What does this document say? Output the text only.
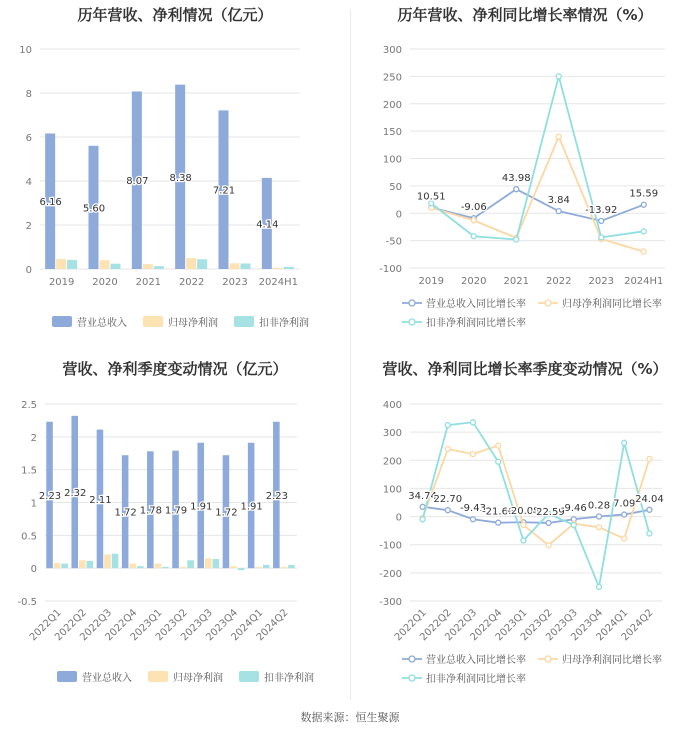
历年营收、净利情况（亿元）	历年营收、净利同比增长率情况（%）
营收、净利季度变动情况（亿元）	营收、净利同比增长率季度变动情况（%）
0
2
4
6
8
10
2019 2020 2021 2022 2023 2024H1
6.16
5.60
8.07 8.38
7.21
4.14
营业总收入	归母净利润	扣非净利润
-100
-50
0
50
100
150
200
250
300
2019 2020 2021 2022 2023 2024H1
10.51
-9.06
43.98
3.84
-13.92
15.59
营业总收入同比增长率	归母净利润同比增长率
扣非净利润同比增长率
-0.5
0
0.5
1
1.5
2
2.5
2022Q1
2022Q2
2022Q3
2022Q4
2023Q1
2023Q2
2023Q3
2023Q4
2024Q1
2024Q2
2.23 2.32
2.11
1.72 1.78 1.79 1.91
1.72
1.91
2.23
营业总收入	归母净利润	扣非净利润
-300
-200
-100
0
100
200
300
400
2022Q1
2022Q2
2022Q3
2022Q4
2023Q1
2023Q2
2023Q3
2023Q4
2024Q1
2024Q2
34.74
22.70
-9.43
-21.66
-20.08
-22.59
-9.46 0.28 7.09 24.04
营业总收入同比增长率	归母净利润同比增长率
扣非净利润同比增长率
数据来源：恒生聚源
